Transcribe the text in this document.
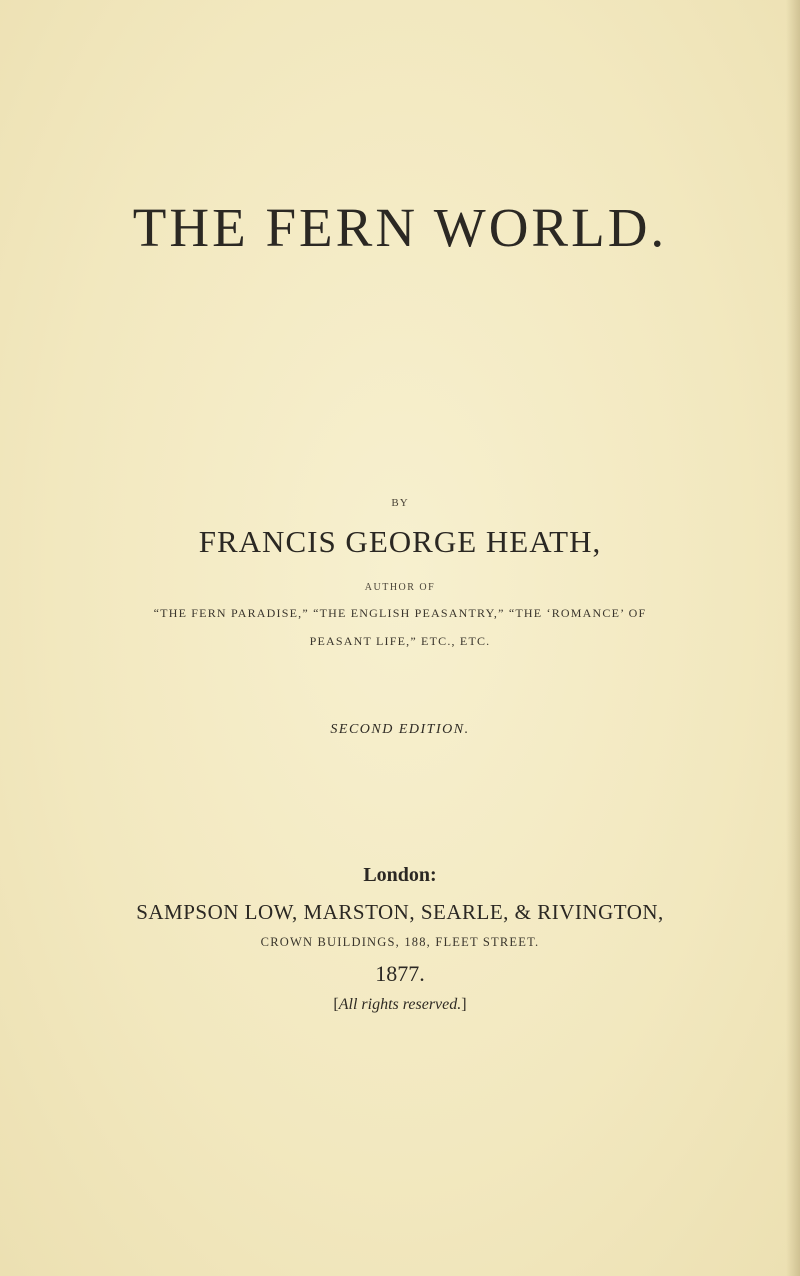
THE FERN WORLD.
BY
FRANCIS GEORGE HEATH,
AUTHOR OF
“THE FERN PARADISE,” “THE ENGLISH PEASANTRY,” “THE ‘ROMANCE’ OF
PEASANT LIFE,” ETC., ETC.
SECOND EDITION.
London:
SAMPSON LOW, MARSTON, SEARLE, & RIVINGTON,
CROWN BUILDINGS, 188, FLEET STREET.
1877.
[All rights reserved.]
